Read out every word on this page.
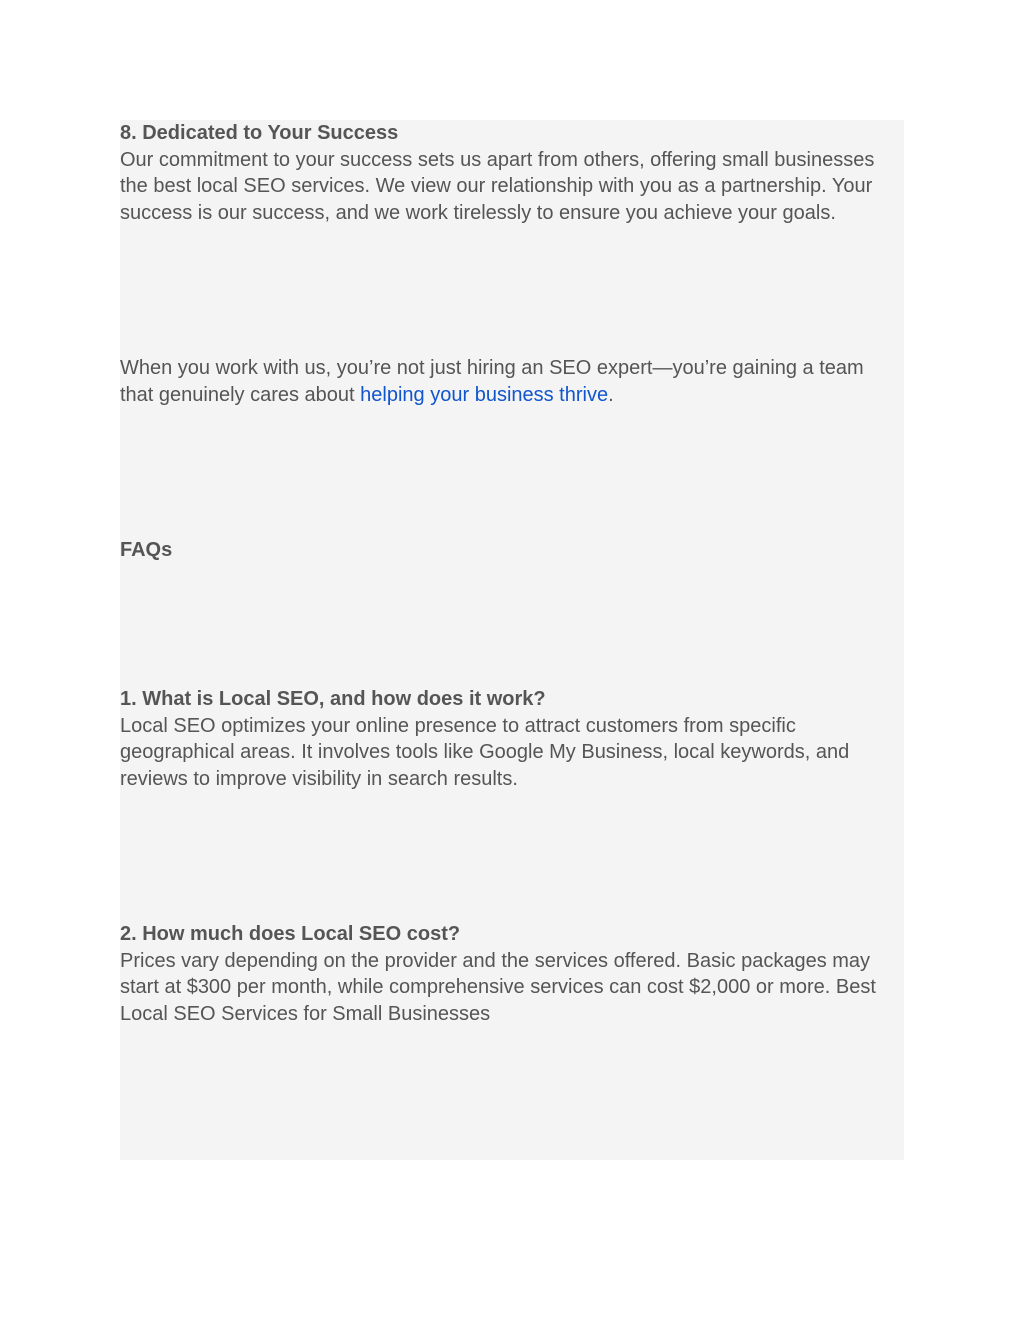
8. Dedicated to Your Success

Our commitment to your success sets us apart from others, offering small businesses the best local SEO services. We view our relationship with you as a partnership. Your success is our success, and we work tirelessly to ensure you achieve your goals.

When you work with us, you’re not just hiring an SEO expert—you’re gaining a team that genuinely cares about helping your business thrive.

FAQs
1. What is Local SEO, and how does it work?

Local SEO optimizes your online presence to attract customers from specific geographical areas. It involves tools like Google My Business, local keywords, and reviews to improve visibility in search results.

2. How much does Local SEO cost?

Prices vary depending on the provider and the services offered. Basic packages may start at $300 per month, while comprehensive services can cost $2,000 or more. Best Local SEO Services for Small Businesses
